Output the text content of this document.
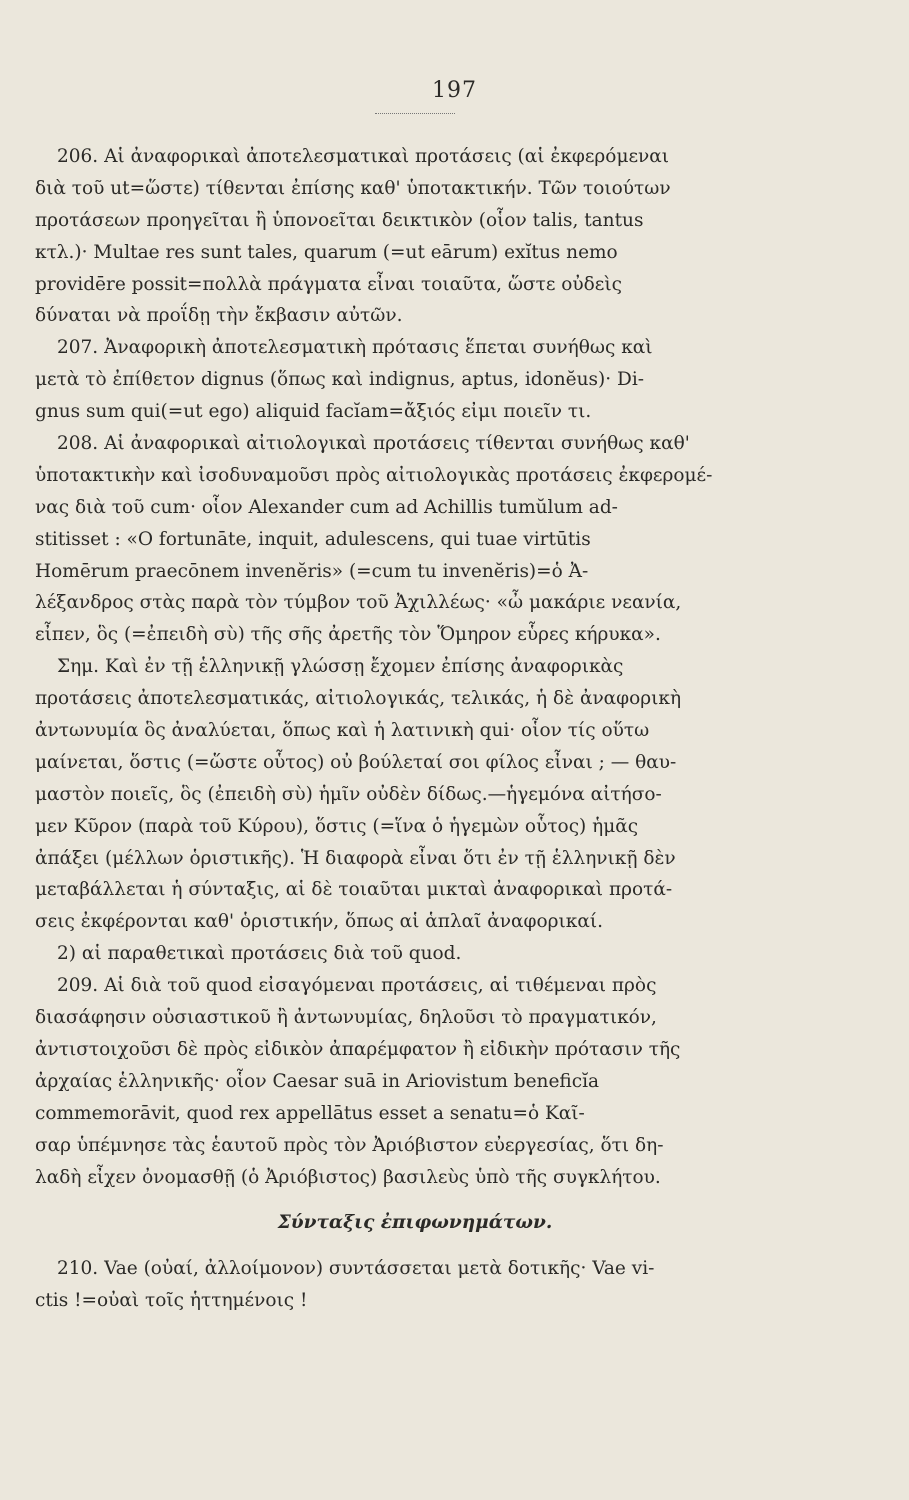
197
206. Αἱ ἀναφορικαὶ ἀποτελεσματικαὶ προτάσεις (αἱ ἐκφερόμεναι
διὰ τοῦ ut=ὥστε) τίθενται ἐπίσης καθ' ὑποτακτικήν. Τῶν τοιούτων
προτάσεων προηγεῖται ἢ ὑπονοεῖται δεικτικὸν (οἷον talis, tantus
κτλ.)· Multae res sunt tales, quarum (=ut eārum) exĭtus nemo
providēre possit=πολλὰ πράγματα εἶναι τοιαῦτα, ὥστε οὐδεὶς
δύναται νὰ προΐδῃ τὴν ἔκβασιν αὐτῶν.
207. Ἀναφορικὴ ἀποτελεσματικὴ πρότασις ἕπεται συνήθως καὶ
μετὰ τὸ ἐπίθετον dignus (ὅπως καὶ indignus, aptus, idonĕus)· Di-
gnus sum qui(=ut ego) aliquid facĭam=ἄξιός εἰμι ποιεῖν τι.
208. Αἱ ἀναφορικαὶ αἰτιολογικαὶ προτάσεις τίθενται συνήθως καθ'
ὑποτακτικὴν καὶ ἰσοδυναμοῦσι πρὸς αἰτιολογικὰς προτάσεις ἐκφερομέ-
νας διὰ τοῦ cum· οἷον Alexander cum ad Achillis tumŭlum ad-
stitisset : «O fortunāte, inquit, adulescens, qui tuae virtūtis
Homērum praecōnem invenĕris» (=cum tu invenĕris)=ὁ Ἀ-
λέξανδρος στὰς παρὰ τὸν τύμβον τοῦ Ἀχιλλέως· «ὦ μακάριε νεανία,
εἶπεν, ὃς (=ἐπειδὴ σὺ) τῆς σῆς ἀρετῆς τὸν Ὅμηρον εὗρες κήρυκα».
Σημ. Καὶ ἐν τῇ ἑλληνικῇ γλώσσῃ ἔχομεν ἐπίσης ἀναφορικὰς
προτάσεις ἀποτελεσματικάς, αἰτιολογικάς, τελικάς, ἡ δὲ ἀναφορικὴ
ἀντωνυμία ὃς ἀναλύεται, ὅπως καὶ ἡ λατινικὴ qui· οἷον τίς οὕτω
μαίνεται, ὅστις (=ὥστε οὗτος) οὐ βούλεταί σοι φίλος εἶναι ; — θαυ-
μαστὸν ποιεῖς, ὃς (ἐπειδὴ σὺ) ἡμῖν οὐδὲν δίδως.—ἡγεμόνα αἰτήσο-
μεν Κῦρον (παρὰ τοῦ Κύρου), ὅστις (=ἵνα ὁ ἡγεμὼν οὗτος) ἡμᾶς
ἀπάξει (μέλλων ὁριστικῆς). Ἡ διαφορὰ εἶναι ὅτι ἐν τῇ ἑλληνικῇ δὲν
μεταβάλλεται ἡ σύνταξις, αἱ δὲ τοιαῦται μικταὶ ἀναφορικαὶ προτά-
σεις ἐκφέρονται καθ' ὁριστικήν, ὅπως αἱ ἁπλαῖ ἀναφορικαί.
2) αἱ παραθετικαὶ προτάσεις διὰ τοῦ quod.
209. Αἱ διὰ τοῦ quod εἰσαγόμεναι προτάσεις, αἱ τιθέμεναι πρὸς
διασάφησιν οὐσιαστικοῦ ἢ ἀντωνυμίας, δηλοῦσι τὸ πραγματικόν,
ἀντιστοιχοῦσι δὲ πρὸς εἰδικὸν ἀπαρέμφατον ἢ εἰδικὴν πρότασιν τῆς
ἀρχαίας ἑλληνικῆς· οἷον Caesar suā in Ariovistum beneficĭa
commemorāvit, quod rex appellātus esset a senatu=ὁ Καῖ-
σαρ ὑπέμνησε τὰς ἑαυτοῦ πρὸς τὸν Ἀριόβιστον εὐεργεσίας, ὅτι δη-
λαδὴ εἶχεν ὀνομασθῇ (ὁ Ἀριόβιστος) βασιλεὺς ὑπὸ τῆς συγκλήτου.
Σύνταξις ἐπιφωνημάτων.
210. Vae (οὐαί, ἀλλοίμονον) συντάσσεται μετὰ δοτικῆς· Vae vi-
ctis !=οὐαὶ τοῖς ἡττημένοις !
